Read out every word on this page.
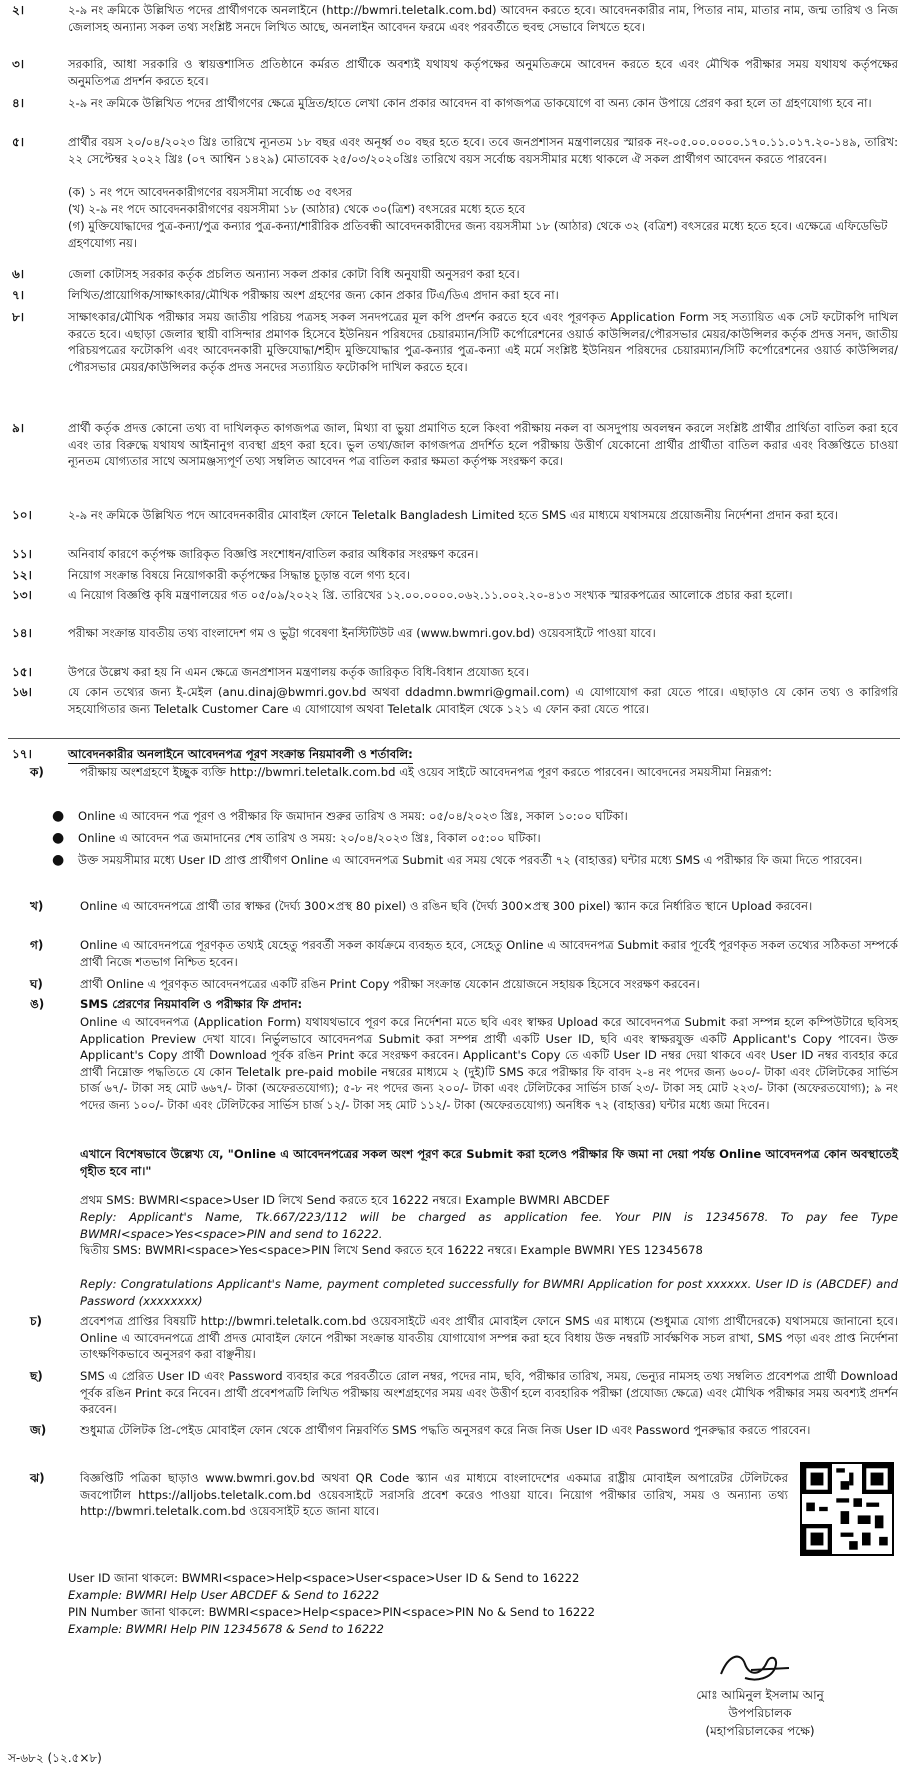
২।	২-৯ নং ক্রমিকে উল্লিখিত পদের প্রার্থীগণকে অনলাইনে (http://bwmri.teletalk.com.bd) আবেদন করতে হবে। আবেদনকারীর নাম, পিতার নাম, মাতার নাম, জন্ম তারিখ ও নিজ জেলাসহ অন্যান্য সকল তথ্য সংশ্লিষ্ট সনদে লিখিত আছে, অনলাইন আবেদন ফরমে এবং পরবর্তীতে হুবহু সেভাবে লিখতে হবে।
৩।	সরকারি, আধা সরকারি ও স্বায়ত্তশাসিত প্রতিষ্ঠানে কর্মরত প্রার্থীকে অবশ্যই যথাযথ কর্তৃপক্ষের অনুমতিক্রমে আবেদন করতে হবে এবং মৌখিক পরীক্ষার সময় যথাযথ কর্তৃপক্ষের অনুমতিপত্র প্রদর্শন করতে হবে।
৪।	২-৯ নং ক্রমিকে উল্লিখিত পদের প্রার্থীগণের ক্ষেত্রে মুদ্রিত/হাতে লেখা কোন প্রকার আবেদন বা কাগজপত্র ডাকযোগে বা অন্য কোন উপায়ে প্রেরণ করা হলে তা গ্রহণযোগ্য হবে না।
৫।	প্রার্থীর বয়স ২০/০৪/২০২৩ খ্রিঃ তারিখে ন্যূনতম ১৮ বছর এবং অনূর্ধ্ব ৩০ বছর হতে হবে। তবে জনপ্রশাসন মন্ত্রণালয়ের স্মারক নং-০৫.০০.০০০০.১৭০.১১.০১৭.২০-১৪৯, তারিখ: ২২ সেপ্টেম্বর ২০২২ খ্রিঃ (০৭ আশ্বিন ১৪২৯) মোতাবেক ২৫/০৩/২০২০খ্রিঃ তারিখে বয়স সর্বোচ্চ বয়সসীমার মধ্যে থাকলে ঐ সকল প্রার্থীগণ আবেদন করতে পারবেন।
(ক) ১ নং পদে আবেদনকারীগণের বয়সসীমা সর্বোচ্চ ৩৫ বৎসর
(খ) ২-৯ নং পদে আবেদনকারীগণের বয়সসীমা ১৮ (আঠার) থেকে ৩০(ত্রিশ) বৎসরের মধ্যে হতে হবে
(গ) মুক্তিযোদ্ধাদের পুত্র-কন্যা/পুত্র কন্যার পুত্র-কন্যা/শারীরিক প্রতিবন্ধী আবেদনকারীদের জন্য বয়সসীমা ১৮ (আঠার) থেকে ৩২ (বত্রিশ) বৎসরের মধ্যে হতে হবে। এক্ষেত্রে এফিডেভিট গ্রহণযোগ্য নয়।
৬।	জেলা কোটাসহ সরকার কর্তৃক প্রচলিত অন্যান্য সকল প্রকার কোটা বিধি অনুযায়ী অনুসরণ করা হবে।
৭।	লিখিত/প্রায়োগিক/সাক্ষাৎকার/মৌখিক পরীক্ষায় অংশ গ্রহণের জন্য কোন প্রকার টিএ/ডিএ প্রদান করা হবে না।
৮।	সাক্ষাৎকার/মৌখিক পরীক্ষার সময় জাতীয় পরিচয় পত্রসহ সকল সনদপত্রের মূল কপি প্রদর্শন করতে হবে এবং পূরণকৃত Application Form সহ সত্যায়িত এক সেট ফটোকপি দাখিল করতে হবে। এছাড়া জেলার স্থায়ী বাসিন্দার প্রমাণক হিসেবে ইউনিয়ন পরিষদের চেয়ারম্যান/সিটি কর্পোরেশনের ওয়ার্ড কাউন্সিলর/পৌরসভার মেয়র/কাউন্সিলর কর্তৃক প্রদত্ত সনদ, জাতীয় পরিচয়পত্রের ফটোকপি এবং আবেদনকারী মুক্তিযোদ্ধা/শহীদ মুক্তিযোদ্ধার পুত্র-কন্যার পুত্র-কন্যা এই মর্মে সংশ্লিষ্ট ইউনিয়ন পরিষদের চেয়ারম্যান/সিটি কর্পোরেশনের ওয়ার্ড কাউন্সিলর/পৌরসভার মেয়র/কাউন্সিলর কর্তৃক প্রদত্ত সনদের সত্যায়িত ফটোকপি দাখিল করতে হবে।
৯।	প্রার্থী কর্তৃক প্রদত্ত কোনো তথ্য বা দাখিলকৃত কাগজপত্র জাল, মিথ্যা বা ভুয়া প্রমাণিত হলে কিংবা পরীক্ষায় নকল বা অসদুপায় অবলম্বন করলে সংশ্লিষ্ট প্রার্থীর প্রার্থিতা বাতিল করা হবে এবং তার বিরুদ্ধে যথাযথ আইনানুগ ব্যবস্থা গ্রহণ করা হবে। ভুল তথ্য/জাল কাগজপত্র প্রদর্শিত হলে পরীক্ষায় উত্তীর্ণ যেকোনো প্রার্থীর প্রার্থীতা বাতিল করার এবং বিজ্ঞপ্তিতে চাওয়া ন্যূনতম যোগ্যতার সাথে অসামঞ্জস্যপূর্ণ তথ্য সম্বলিত আবেদন পত্র বাতিল করার ক্ষমতা কর্তৃপক্ষ সংরক্ষণ করে।
১০।	২-৯ নং ক্রমিকে উল্লিখিত পদে আবেদনকারীর মোবাইল ফোনে Teletalk Bangladesh Limited হতে SMS এর মাধ্যমে যথাসময়ে প্রয়োজনীয় নির্দেশনা প্রদান করা হবে।
১১।	অনিবার্য কারণে কর্তৃপক্ষ জারিকৃত বিজ্ঞপ্তি সংশোধন/বাতিল করার অধিকার সংরক্ষণ করেন।
১২।	নিয়োগ সংক্রান্ত বিষয়ে নিয়োগকারী কর্তৃপক্ষের সিদ্ধান্ত চূড়ান্ত বলে গণ্য হবে।
১৩।	এ নিয়োগ বিজ্ঞপ্তি কৃষি মন্ত্রণালয়ের গত ০৫/০৯/২০২২ খ্রি. তারিখের ১২.০০.০০০০.০৬২.১১.০০২.২০-৪১৩ সংখ্যক স্মারকপত্রের আলোকে প্রচার করা হলো।
১৪।	পরীক্ষা সংক্রান্ত যাবতীয় তথ্য বাংলাদেশ গম ও ভুট্টা গবেষণা ইনস্টিটিউট এর (www.bwmri.gov.bd) ওয়েবসাইটে পাওয়া যাবে।
১৫।	উপরে উল্লেখ করা হয় নি এমন ক্ষেত্রে জনপ্রশাসন মন্ত্রণালয় কর্তৃক জারিকৃত বিধি-বিধান প্রযোজ্য হবে।
১৬।	যে কোন তথ্যের জন্য ই-মেইল (anu.dinaj@bwmri.gov.bd অথবা ddadmn.bwmri@gmail.com) এ যোগাযোগ করা যেতে পারে। এছাড়াও যে কোন তথ্য ও কারিগরি সহযোগিতার জন্য Teletalk Customer Care এ যোগাযোগ অথবা Teletalk মোবাইল থেকে ১২১ এ ফোন করা যেতে পারে।
১৭।	আবেদনকারীর অনলাইনে আবেদনপত্র পূরণ সংক্রান্ত নিয়মাবলী ও শর্তাবলি:
ক)	পরীক্ষায় অংশগ্রহণে ইচ্ছুক ব্যক্তি http://bwmri.teletalk.com.bd এই ওয়েব সাইটে আবেদনপত্র পূরণ করতে পারবেন। আবেদনের সময়সীমা নিম্নরূপ:
● Online এ আবেদন পত্র পূরণ ও পরীক্ষার ফি জমাদান শুরুর তারিখ ও সময়: ০৫/০৪/২০২৩ খ্রিঃ, সকাল ১০:০০ ঘটিকা।
● Online এ আবেদন পত্র জমাদানের শেষ তারিখ ও সময়: ২০/০৪/২০২৩ খ্রিঃ, বিকাল ০৫:০০ ঘটিকা।
● উক্ত সময়সীমার মধ্যে User ID প্রাপ্ত প্রার্থীগণ Online এ আবেদনপত্র Submit এর সময় থেকে পরবর্তী ৭২ (বাহাত্তর) ঘন্টার মধ্যে SMS এ পরীক্ষার ফি জমা দিতে পারবেন।
খ)	Online এ আবেদনপত্রে প্রার্থী তার স্বাক্ষর (দৈর্ঘ্য 300×প্রস্থ 80 pixel) ও রঙিন ছবি (দৈর্ঘ্য 300×প্রস্থ 300 pixel) স্ক্যান করে নির্ধারিত স্থানে Upload করবেন।
গ)	Online এ আবেদনপত্রে পূরণকৃত তথ্যই যেহেতু পরবর্তী সকল কার্যক্রমে ব্যবহৃত হবে, সেহেতু Online এ আবেদনপত্র Submit করার পূর্বেই পূরণকৃত সকল তথ্যের সঠিকতা সম্পর্কে প্রার্থী নিজে শতভাগ নিশ্চিত হবেন।
ঘ)	প্রার্থী Online এ পূরণকৃত আবেদনপত্রের একটি রঙিন Print Copy পরীক্ষা সংক্রান্ত যেকোন প্রয়োজনে সহায়ক হিসেবে সংরক্ষণ করবেন।
ঙ)	SMS প্রেরণের নিয়মাবলি ও পরীক্ষার ফি প্রদান:
Online এ আবেদনপত্র (Application Form) যথাযথভাবে পূরণ করে নির্দেশনা মতে ছবি এবং স্বাক্ষর Upload করে আবেদনপত্র Submit করা সম্পন্ন হলে কম্পিউটারে ছবিসহ Application Preview দেখা যাবে। নির্ভুলভাবে আবেদনপত্র Submit করা সম্পন্ন প্রার্থী একটি User ID, ছবি এবং স্বাক্ষরযুক্ত একটি Applicant's Copy পাবেন। উক্ত Applicant's Copy প্রার্থী Download পূর্বক রঙিন Print করে সংরক্ষণ করবেন। Applicant's Copy তে একটি User ID নম্বর দেয়া থাকবে এবং User ID নম্বর ব্যবহার করে প্রার্থী নিম্নোক্ত পদ্ধতিতে যে কোন Teletalk pre-paid mobile নম্বরের মাধ্যমে ২ (দুই)টি SMS করে পরীক্ষার ফি বাবদ ২-৪ নং পদের জন্য ৬০০/- টাকা এবং টেলিটকের সার্ভিস চার্জ ৬৭/- টাকা সহ মোট ৬৬৭/- টাকা (অফেরতযোগ্য); ৫-৮ নং পদের জন্য ২০০/- টাকা এবং টেলিটকের সার্ভিস চার্জ ২৩/- টাকা সহ মোট ২২৩/- টাকা (অফেরতযোগ্য); ৯ নং পদের জন্য ১০০/- টাকা এবং টেলিটকের সার্ভিস চার্জ ১২/- টাকা সহ মোট ১১২/- টাকা (অফেরতযোগ্য) অনধিক ৭২ (বাহাত্তর) ঘন্টার মধ্যে জমা দিবেন।
এখানে বিশেষভাবে উল্লেখ্য যে, "Online এ আবেদনপত্রের সকল অংশ পূরণ করে Submit করা হলেও পরীক্ষার ফি জমা না দেয়া পর্যন্ত Online আবেদনপত্র কোন অবস্থাতেই গৃহীত হবে না।"
প্রথম SMS: BWMRI<space>User ID লিখে Send করতে হবে 16222 নম্বরে। Example BWMRI ABCDEF
Reply: Applicant's Name, Tk.667/223/112 will be charged as application fee. Your PIN is 12345678. To pay fee Type BWMRI<space>Yes<space>PIN and send to 16222.
দ্বিতীয় SMS: BWMRI<space>Yes<space>PIN লিখে Send করতে হবে 16222 নম্বরে। Example BWMRI YES 12345678
Reply: Congratulations Applicant's Name, payment completed successfully for BWMRI Application for post xxxxxx. User ID is (ABCDEF) and Password (xxxxxxxx)
চ)	প্রবেশপত্র প্রাপ্তির বিষয়টি http://bwmri.teletalk.com.bd ওয়েবসাইটে এবং প্রার্থীর মোবাইল ফোনে SMS এর মাধ্যমে (শুধুমাত্র যোগ্য প্রার্থীদেরকে) যথাসময়ে জানানো হবে। Online এ আবেদনপত্রে প্রার্থী প্রদত্ত মোবাইল ফোনে পরীক্ষা সংক্রান্ত যাবতীয় যোগাযোগ সম্পন্ন করা হবে বিধায় উক্ত নম্বরটি সার্বক্ষণিক সচল রাখা, SMS পড়া এবং প্রাপ্ত নির্দেশনা তাৎক্ষণিকভাবে অনুসরণ করা বাঞ্ছনীয়।
ছ)	SMS এ প্রেরিত User ID এবং Password ব্যবহার করে পরবর্তীতে রোল নম্বর, পদের নাম, ছবি, পরীক্ষার তারিখ, সময়, ভেন্যুর নামসহ তথ্য সম্বলিত প্রবেশপত্র প্রার্থী Download পূর্বক রঙিন Print করে নিবেন। প্রার্থী প্রবেশপত্রটি লিখিত পরীক্ষায় অংশগ্রহণের সময় এবং উত্তীর্ণ হলে ব্যবহারিক পরীক্ষা (প্রযোজ্য ক্ষেত্রে) এবং মৌখিক পরীক্ষার সময় অবশ্যই প্রদর্শন করবেন।
জ)	শুধুমাত্র টেলিটক প্রি-পেইড মোবাইল ফোন থেকে প্রার্থীগণ নিম্নবর্ণিত SMS পদ্ধতি অনুসরণ করে নিজ নিজ User ID এবং Password পুনরুদ্ধার করতে পারবেন।
ঝ)	বিজ্ঞপ্তিটি পত্রিকা ছাড়াও www.bwmri.gov.bd অথবা QR Code স্ক্যান এর মাধ্যমে বাংলাদেশের একমাত্র রাষ্ট্রীয় মোবাইল অপারেটর টেলিটকের জবপোর্টাল https://alljobs.teletalk.com.bd ওয়েবসাইটে সরাসরি প্রবেশ করেও পাওয়া যাবে। নিয়োগ পরীক্ষার তারিখ, সময় ও অন্যান্য তথ্য http://bwmri.teletalk.com.bd ওয়েবসাইট হতে জানা যাবে।
User ID জানা থাকলে: BWMRI<space>Help<space>User<space>User ID & Send to 16222
Example: BWMRI Help User ABCDEF & Send to 16222
PIN Number জানা থাকলে: BWMRI<space>Help<space>PIN<space>PIN No & Send to 16222
Example: BWMRI Help PIN 12345678 & Send to 16222
মোঃ আমিনুল ইসলাম আনু
উপপরিচালক
(মহাপরিচালকের পক্ষে)
স-৬৮২ (১২.৫×৮)
